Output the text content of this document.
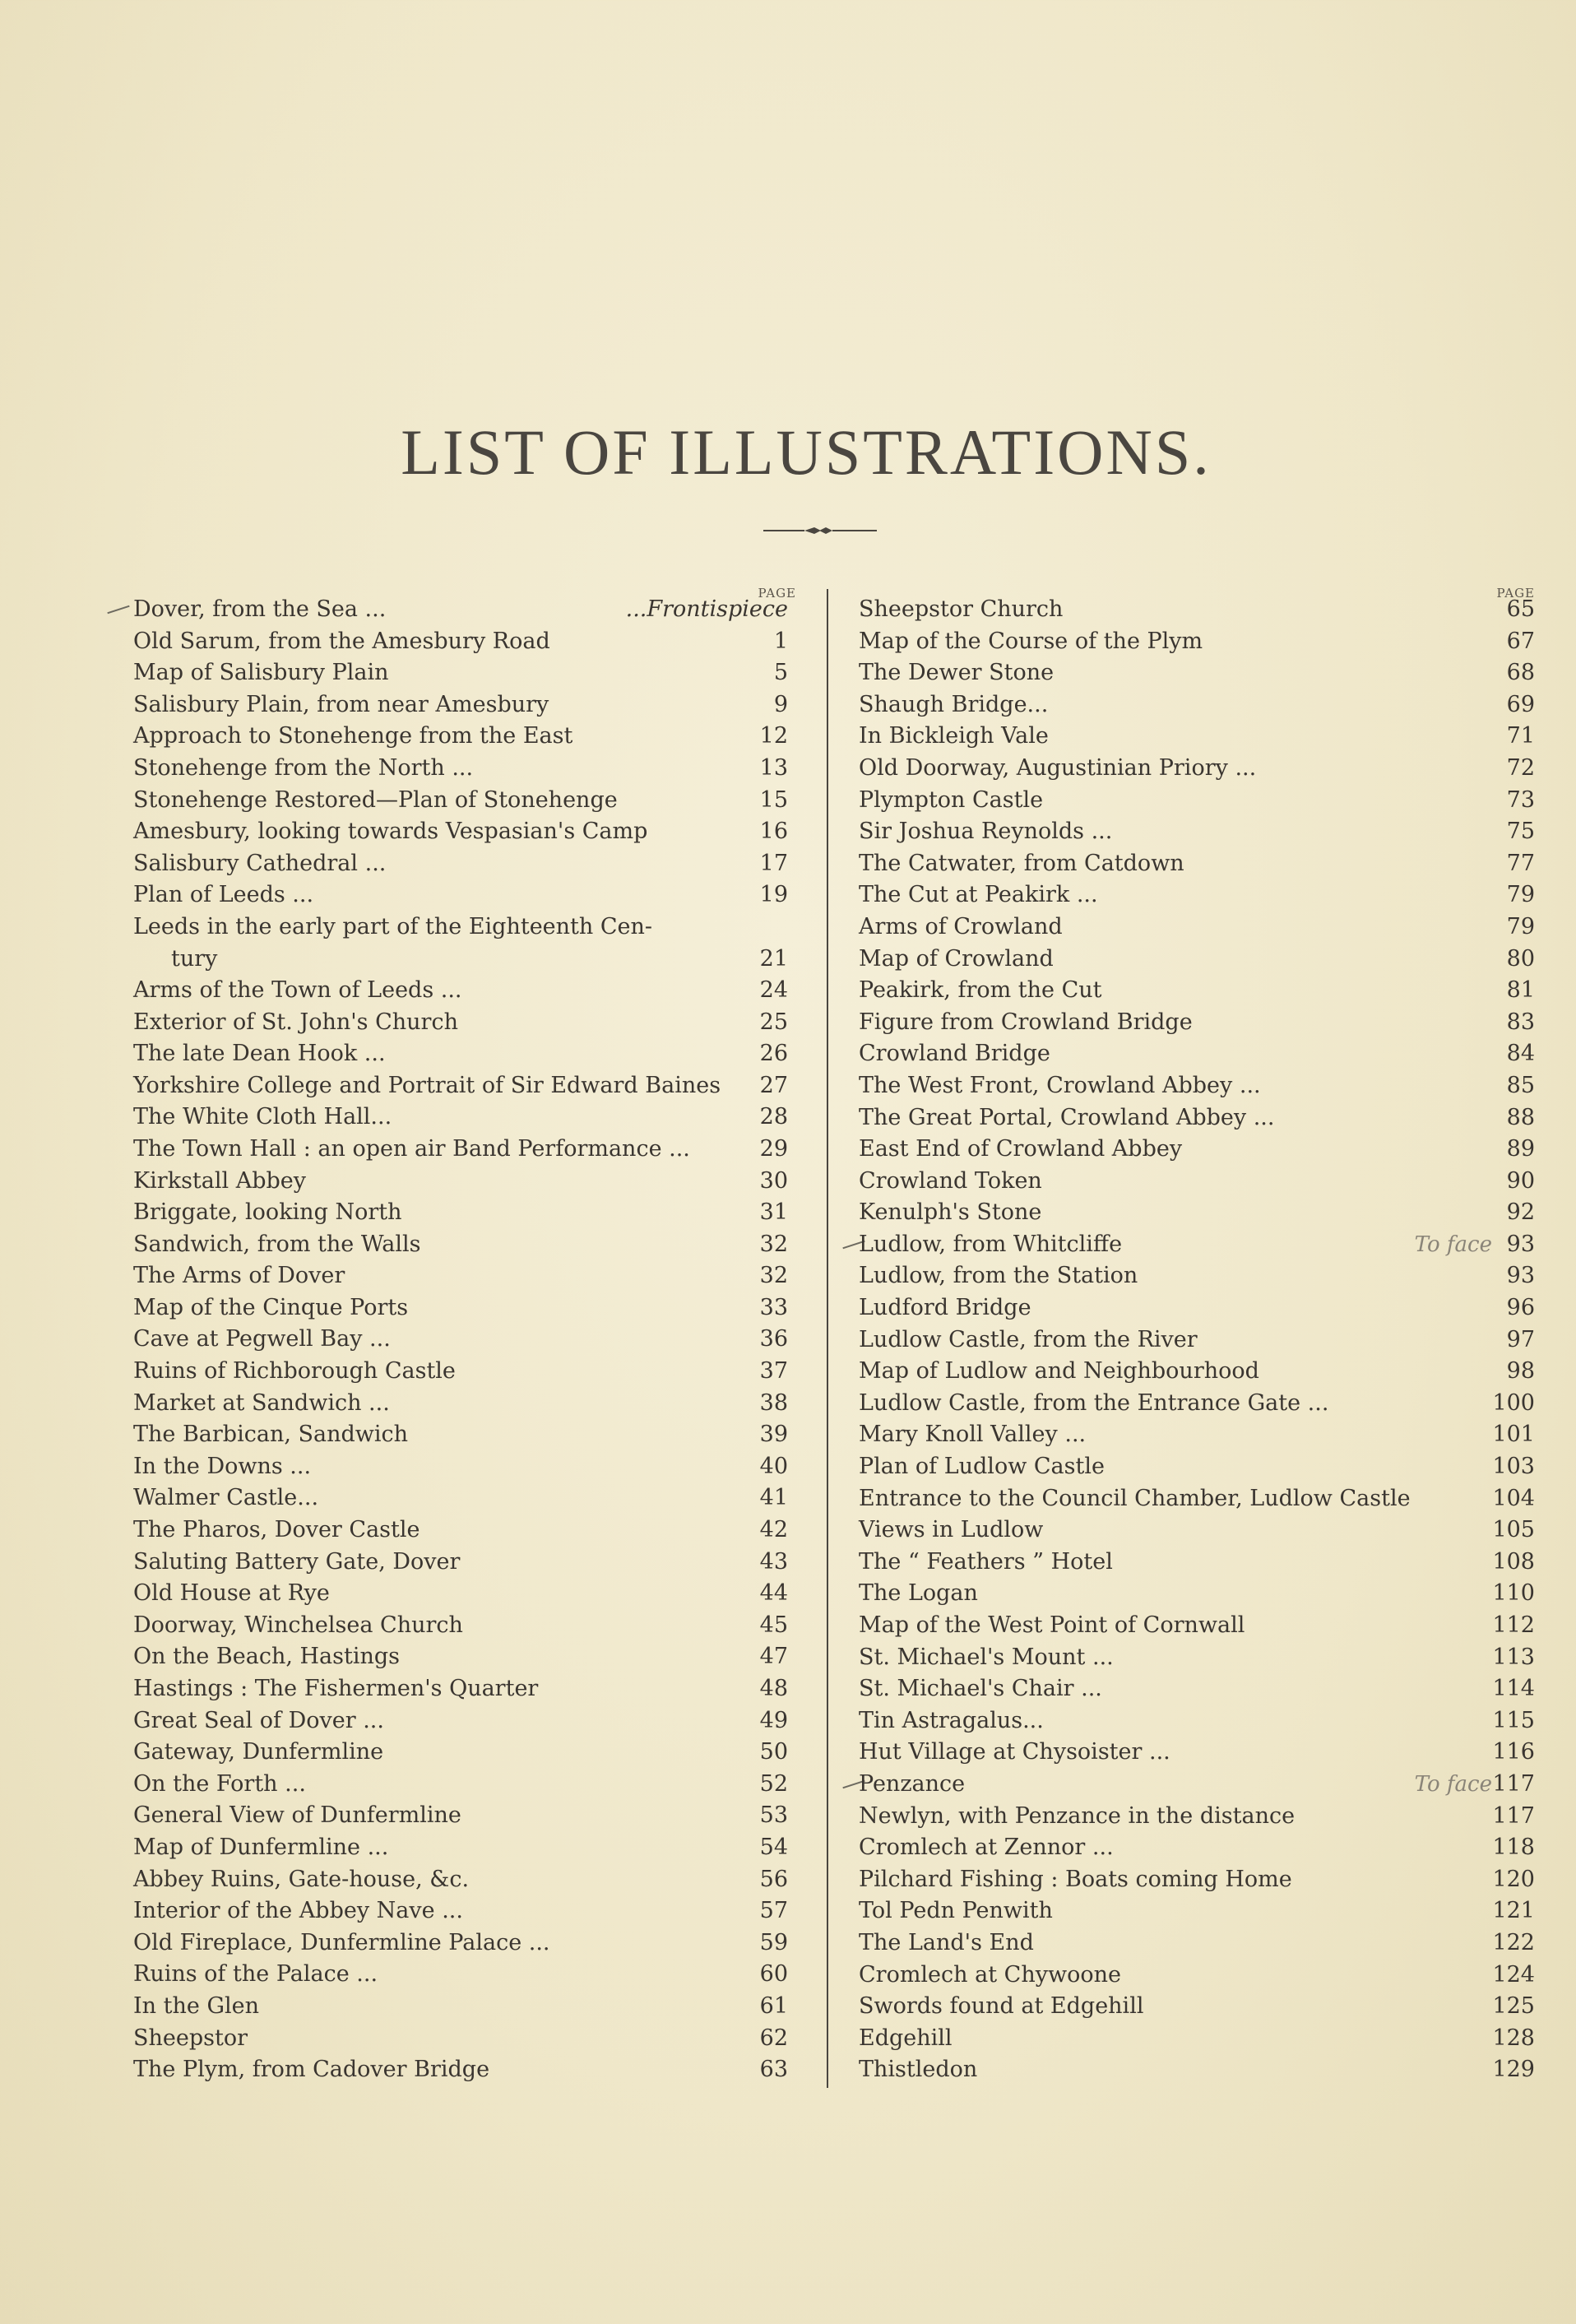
LIST OF ILLUSTRATIONS.
PAGE
Dover, from the Sea ...	...Frontispiece
Old Sarum, from the Amesbury Road	1
Map of Salisbury Plain	5
Salisbury Plain, from near Amesbury	9
Approach to Stonehenge from the East	12
Stonehenge from the North ...	13
Stonehenge Restored—Plan of Stonehenge	15
Amesbury, looking towards Vespasian's Camp	16
Salisbury Cathedral ...	17
Plan of Leeds ...	19
Leeds in the early part of the Eighteenth Cen-
tury	21
Arms of the Town of Leeds ...	24
Exterior of St. John's Church	25
The late Dean Hook ...	26
Yorkshire College and Portrait of Sir Edward Baines 27
The White Cloth Hall...	28
The Town Hall : an open air Band Performance ...	29
Kirkstall Abbey	30
Briggate, looking North	31
Sandwich, from the Walls	32
The Arms of Dover	32
Map of the Cinque Ports	33
Cave at Pegwell Bay ...	36
Ruins of Richborough Castle	37
Market at Sandwich ...	38
The Barbican, Sandwich	39
In the Downs ...	40
Walmer Castle...	41
The Pharos, Dover Castle	42
Saluting Battery Gate, Dover	43
Old House at Rye	44
Doorway, Winchelsea Church	45
On the Beach, Hastings	47
Hastings : The Fishermen's Quarter	48
Great Seal of Dover ...	49
Gateway, Dunfermline	50
On the Forth ...	52
General View of Dunfermline	53
Map of Dunfermline ...	54
Abbey Ruins, Gate-house, &c.	56
Interior of the Abbey Nave ...	57
Old Fireplace, Dunfermline Palace ...	59
Ruins of the Palace ...	60
In the Glen	61
Sheepstor	62
The Plym, from Cadover Bridge	63
PAGE
Sheepstor Church	65
Map of the Course of the Plym	67
The Dewer Stone	68
Shaugh Bridge...	69
In Bickleigh Vale	71
Old Doorway, Augustinian Priory ...	72
Plympton Castle	73
Sir Joshua Reynolds ...	75
The Catwater, from Catdown	77
The Cut at Peakirk ...	79
Arms of Crowland	79
Map of Crowland	80
Peakirk, from the Cut	81
Figure from Crowland Bridge	83
Crowland Bridge	84
The West Front, Crowland Abbey ...	85
The Great Portal, Crowland Abbey ...	88
East End of Crowland Abbey	89
Crowland Token	90
Kenulph's Stone	92
Ludlow, from Whitcliffe	To face 93
Ludlow, from the Station	93
Ludford Bridge	96
Ludlow Castle, from the River	97
Map of Ludlow and Neighbourhood	98
Ludlow Castle, from the Entrance Gate ...	100
Mary Knoll Valley ...	101
Plan of Ludlow Castle	103
Entrance to the Council Chamber, Ludlow Castle	104
Views in Ludlow	105
The “ Feathers ” Hotel	108
The Logan	110
Map of the West Point of Cornwall	112
St. Michael's Mount ...	113
St. Michael's Chair ...	114
Tin Astragalus...	115
Hut Village at Chysoister ...	116
Penzance	To face 117
Newlyn, with Penzance in the distance	117
Cromlech at Zennor ...	118
Pilchard Fishing : Boats coming Home	120
Tol Pedn Penwith	121
The Land's End	122
Cromlech at Chywoone	124
Swords found at Edgehill	125
Edgehill	128
Thistledon	129
